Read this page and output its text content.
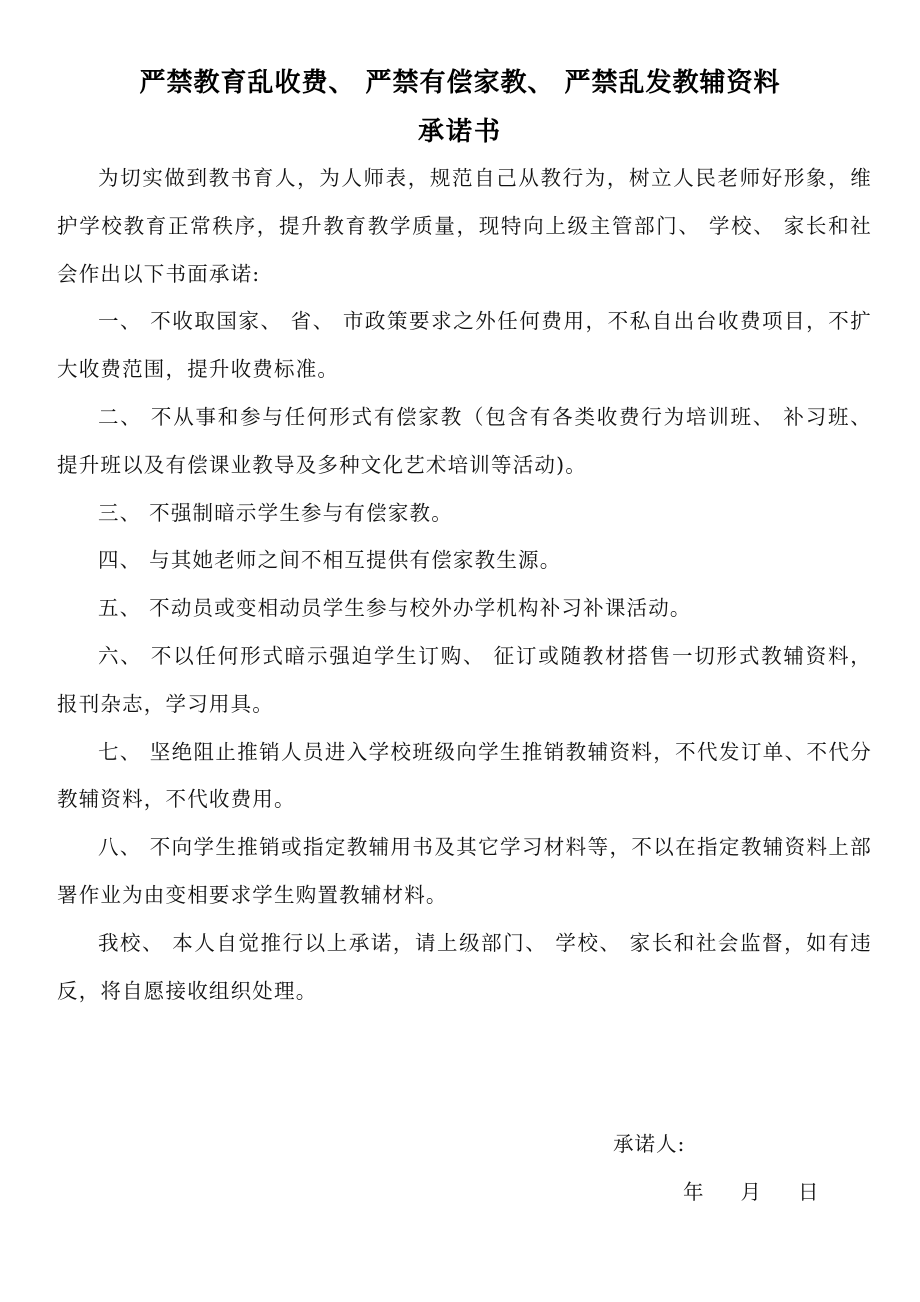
严禁教育乱收费、 严禁有偿家教、 严禁乱发教辅资料
承诺书

为切实做到教书育人，为人师表，规范自己从教行为，树立人民老师好形象，维护学校教育正常秩序，提升教育教学质量，现特向上级主管部门、 学校、 家长和社会作出以下书面承诺:

一、 不收取国家、 省、 市政策要求之外任何费用，不私自出台收费项目，不扩大收费范围，提升收费标准。

二、 不从事和参与任何形式有偿家教（包含有各类收费行为培训班、 补习班、 提升班以及有偿课业教导及多种文化艺术培训等活动)。

三、 不强制暗示学生参与有偿家教。

四、 与其她老师之间不相互提供有偿家教生源。

五、 不动员或变相动员学生参与校外办学机构补习补课活动。

六、 不以任何形式暗示强迫学生订购、 征订或随教材搭售一切形式教辅资料，报刊杂志，学习用具。

七、 坚绝阻止推销人员进入学校班级向学生推销教辅资料，不代发订单、不代分教辅资料，不代收费用。

八、 不向学生推销或指定教辅用书及其它学习材料等，不以在指定教辅资料上部署作业为由变相要求学生购置教辅材料。

我校、 本人自觉推行以上承诺，请上级部门、 学校、 家长和社会监督，如有违反，将自愿接收组织处理。

承诺人:

年 月 日
